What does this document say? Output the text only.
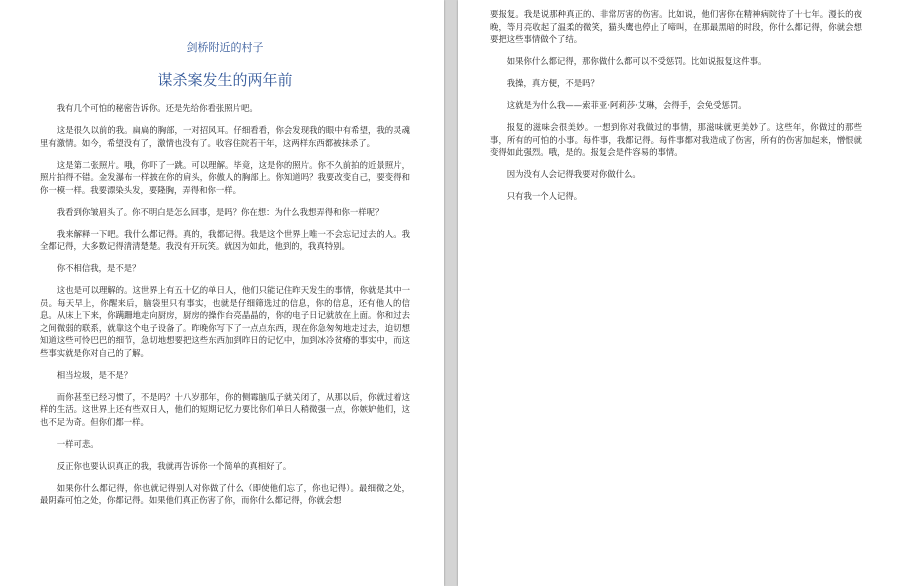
剑桥附近的村子
谋杀案发生的两年前

我有几个可怕的秘密告诉你。还是先给你看张照片吧。

这是很久以前的我。扁扁的胸部，一对招风耳。仔细看看，你会发现我的眼中有希望，我的灵魂里有激情。如今，希望没有了，激情也没有了。收容住院若干年，这两样东西都被抹杀了。

这是第二张照片。哦，你吓了一跳。可以理解。毕竟，这是你的照片。你不久前拍的近景照片，照片拍得不错。金发瀑布一样披在你的肩头，你傲人的胸部上。你知道吗？我要改变自己，要变得和你一模一样。我要漂染头发，要隆胸，弄得和你一样。

我看到你皱眉头了。你不明白是怎么回事，是吗？你在想：为什么我想弄得和你一样呢？

我来解释一下吧。我什么都记得。真的，我都记得。我是这个世界上唯一不会忘记过去的人。我全都记得，大多数记得清清楚楚。我没有开玩笑。就因为如此，他到的，我真特别。

你不相信我，是不是？

这也是可以理解的。这世界上有五十亿的单日人，他们只能记住昨天发生的事情，你就是其中一员。每天早上，你醒来后，脑袋里只有事实，也就是仔细筛选过的信息，你的信息，还有他人的信息。从床上下来，你蹒跚地走向厨房，厨房的操作台亮晶晶的，你的电子日记就放在上面。你和过去之间微弱的联系，就靠这个电子设备了。昨晚你写下了一点点东西，现在你急匆匆地走过去，迫切想知道这些可怜巴巴的细节，急切地想要把这些东西加到昨日的记忆中，加到冰冷贫瘠的事实中，而这些事实就是你对自己的了解。

相当垃圾，是不是？

而你甚至已经习惯了，不是吗？十八岁那年，你的侧霉脑瓜子就关闭了，从那以后，你就过着这样的生活。这世界上还有些双日人，他们的短期记忆力要比你们单日人稍微强一点，你嫉妒他们，这也不足为奇。但你们都一样。

一样可悲。

反正你也要认识真正的我，我就再告诉你一个简单的真相好了。

如果你什么都记得，你也就记得别人对你做了什么（即使他们忘了，你也记得）。最细微之处，最阴森可怕之处，你都记得。如果他们真正伤害了你，而你什么都记得，你就会想

要报复。我是说那种真正的、非常厉害的伤害。比如说，他们害你在精神病院待了十七年。漫长的夜晚，等月亮收起了温柔的微笑，猫头鹰也停止了啼叫，在那最黑暗的时段，你什么都记得，你就会想要把这些事情做个了结。

如果你什么都记得，那你做什么都可以不受惩罚。比如说报复这件事。

我操，真方便，不是吗？

这就是为什么我——索菲亚·阿莉莎·艾琳，会得手，会免受惩罚。

报复的滋味会很美妙。一想到你对我做过的事情，那滋味就更美妙了。这些年，你做过的那些事，所有的可怕的小事。每件事，我都记得。每件事都对我造成了伤害，所有的伤害加起来，憎恨就变得如此强烈。哦，是的。报复会是件容易的事情。

因为没有人会记得我要对你做什么。

只有我一个人记得。
